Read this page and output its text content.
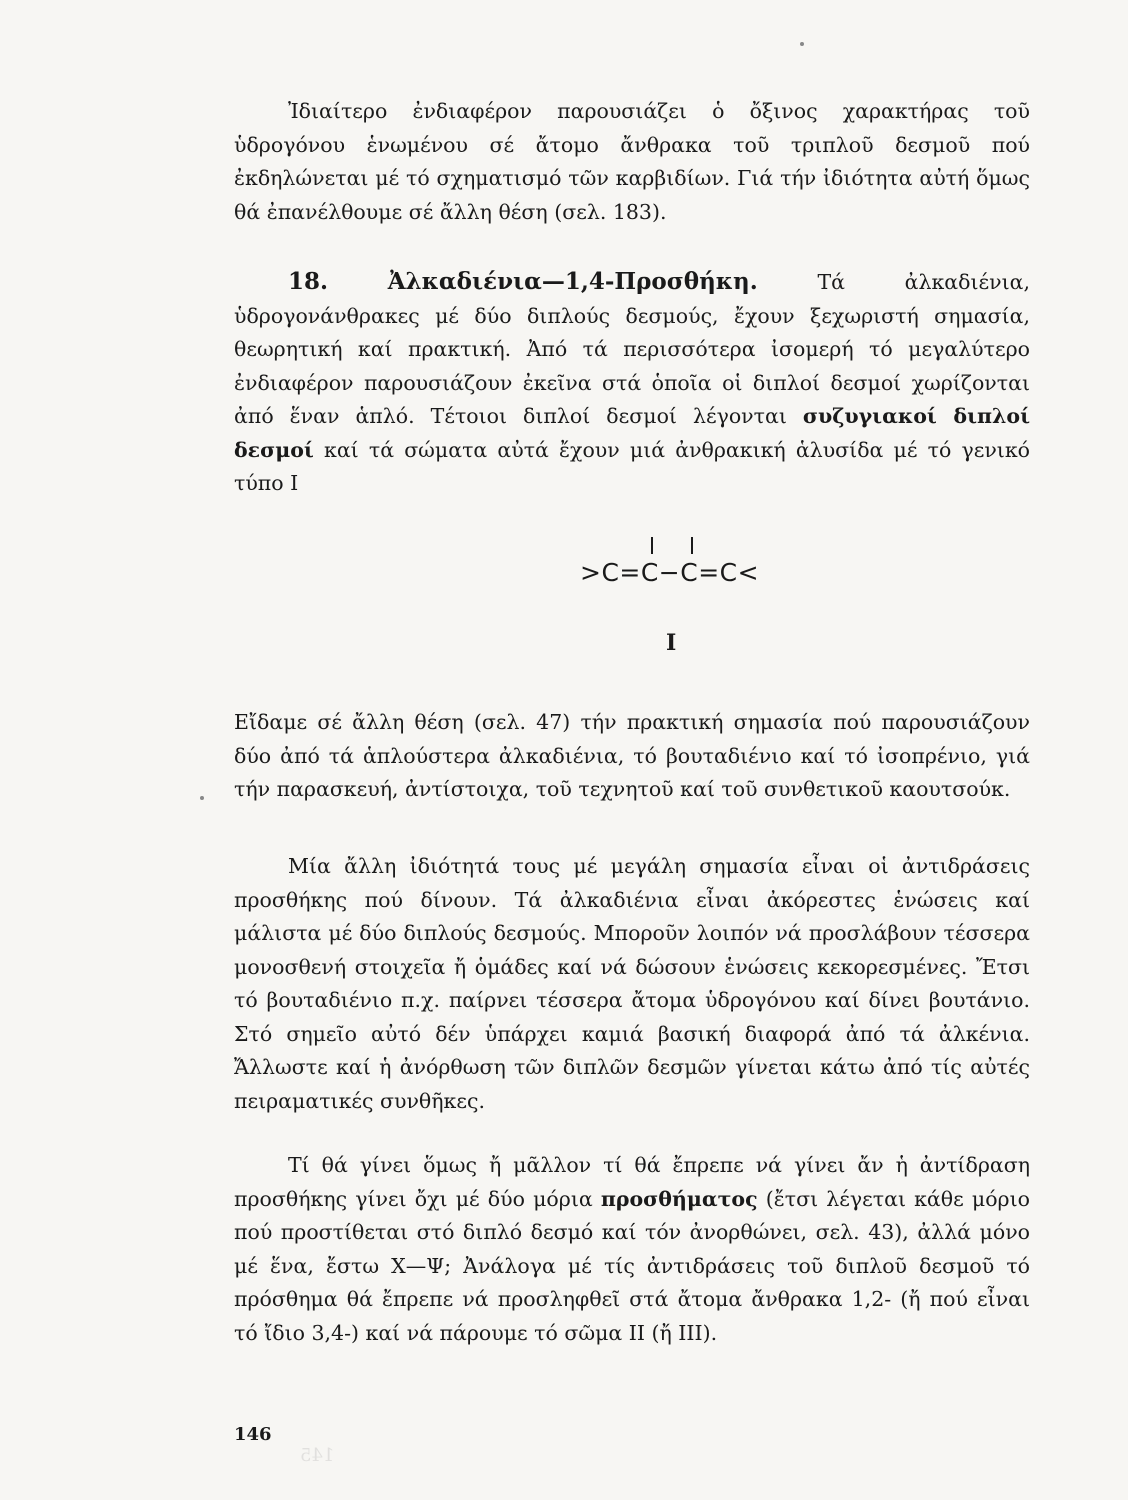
145

Ἰδιαίτερο ἐνδιαφέρον παρουσιάζει ὁ ὄξινος χαρακτήρας τοῦ ὑδρογόνου ἑνωμένου σέ ἄτομο ἄνθρακα τοῦ τριπλοῦ δεσμοῦ πού ἐκδηλώνεται μέ τό σχηματισμό τῶν καρβιδίων. Γιά τήν ἰδιότητα αὐτή ὅμως θά ἐπανέλθουμε σέ ἄλλη θέση (σελ. 183).

18.	Ἀλκαδιένια—1,4-Προσθήκη.	Τά ἀλκαδιένια, ὑδρογονάνθρακες μέ δύο διπλούς δεσμούς, ἔχουν ξεχωριστή σημασία, θεωρητική καί πρακτική. Ἀπό τά περισσότερα ἰσομερή τό μεγαλύτερο ἐνδιαφέρον παρουσιάζουν ἐκεῖνα στά ὁποῖα οἱ διπλοί δεσμοί χωρίζονται ἀπό ἕναν ἁπλό. Τέτοιοι διπλοί δεσμοί λέγονται συζυγιακοί διπλοί δεσμοί καί τά σώματα αὐτά ἔχουν μιά ἀνθρακική ἁλυσίδα μέ τό γενικό τύπο I

>C=C−C=C<
I

Εἴδαμε σέ ἄλλη θέση (σελ. 47) τήν πρακτική σημασία πού παρουσιάζουν δύο ἀπό τά ἁπλούστερα ἀλκαδιένια, τό βουταδιένιο καί τό ἰσοπρένιο, γιά τήν παρασκευή, ἀντίστοιχα, τοῦ τεχνητοῦ καί τοῦ συνθετικοῦ καουτσούκ.

Μία ἄλλη ἰδιότητά τους μέ μεγάλη σημασία εἶναι οἱ ἀντιδράσεις προσθήκης πού δίνουν. Τά ἀλκαδιένια εἶναι ἀκόρεστες ἑνώσεις καί μάλιστα μέ δύο διπλούς δεσμούς. Μποροῦν λοιπόν νά προσλάβουν τέσσερα μονοσθενή στοιχεῖα ἤ ὁμάδες καί νά δώσουν ἑνώσεις κεκορεσμένες. Ἔτσι τό βουταδιένιο π.χ. παίρνει τέσσερα ἄτομα ὑδρογόνου καί δίνει βουτάνιο. Στό σημεῖο αὐτό δέν ὑπάρχει καμιά βασική διαφορά ἀπό τά ἀλκένια. Ἄλλωστε καί ἡ ἀνόρθωση τῶν διπλῶν δεσμῶν γίνεται κάτω ἀπό τίς αὐτές πειραματικές συνθῆκες.

Τί θά γίνει ὅμως ἤ μᾶλλον τί θά ἔπρεπε νά γίνει ἄν ἡ ἀντίδραση προσθήκης γίνει ὄχι μέ δύο μόρια προσθήματος (ἔτσι λέγεται κάθε μόριο πού προστίθεται στό διπλό δεσμό καί τόν ἀνορθώνει, σελ. 43), ἀλλά μόνο μέ ἕνα, ἔστω Χ—Ψ; Ἀνάλογα μέ τίς ἀντιδράσεις τοῦ διπλοῦ δεσμοῦ τό πρόσθημα θά ἔπρεπε νά προσληφθεῖ στά ἄτομα ἄνθρακα 1,2- (ἤ πού εἶναι τό ἴδιο 3,4-) καί νά πάρουμε τό σῶμα II (ἤ III).

146
